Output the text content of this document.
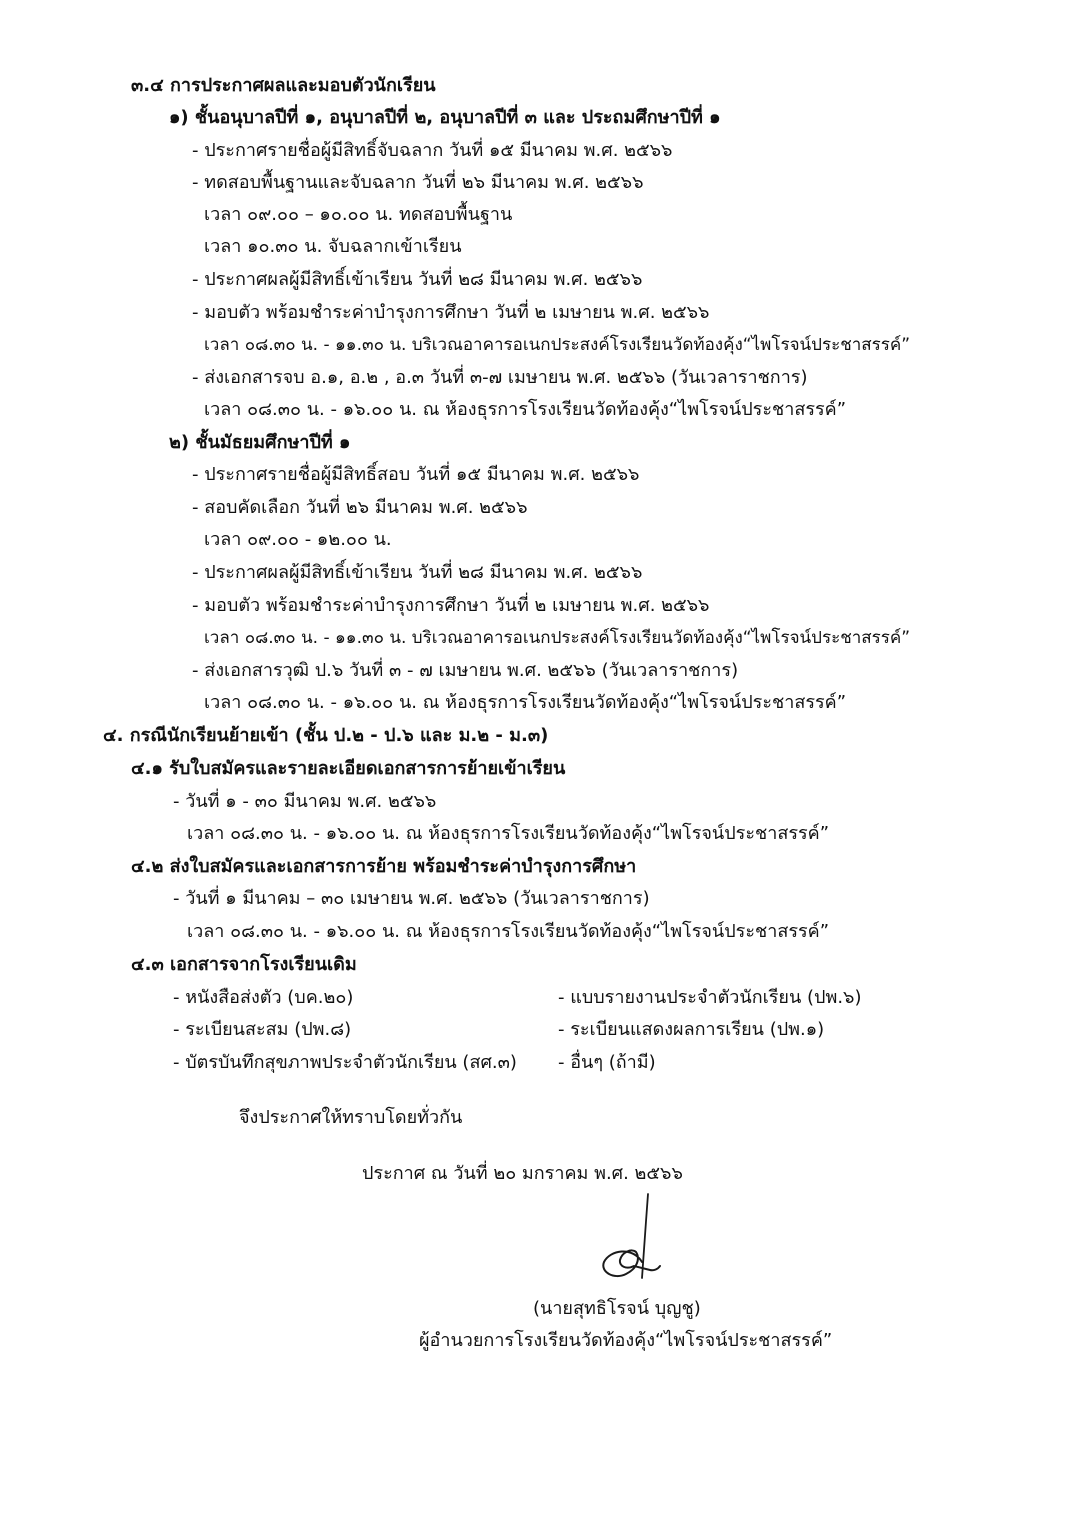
๓.๔ การประกาศผลและมอบตัวนักเรียน
๑) ชั้นอนุบาลปีที่ ๑, อนุบาลปีที่ ๒, อนุบาลปีที่ ๓ และ ประถมศึกษาปีที่ ๑
- ประกาศรายชื่อผู้มีสิทธิ์จับฉลาก วันที่ ๑๕ มีนาคม พ.ศ. ๒๕๖๖
- ทดสอบพื้นฐานและจับฉลาก วันที่ ๒๖ มีนาคม พ.ศ. ๒๕๖๖
เวลา ๐๙.๐๐ – ๑๐.๐๐ น. ทดสอบพื้นฐาน
เวลา ๑๐.๓๐ น. จับฉลากเข้าเรียน
- ประกาศผลผู้มีสิทธิ์เข้าเรียน วันที่ ๒๘ มีนาคม พ.ศ. ๒๕๖๖
- มอบตัว พร้อมชำระค่าบำรุงการศึกษา วันที่ ๒ เมษายน พ.ศ. ๒๕๖๖
เวลา ๐๘.๓๐ น. - ๑๑.๓๐ น. บริเวณอาคารอเนกประสงค์โรงเรียนวัดท้องคุ้ง“ไพโรจน์ประชาสรรค์”
- ส่งเอกสารจบ อ.๑, อ.๒ , อ.๓ วันที่ ๓-๗ เมษายน พ.ศ. ๒๕๖๖ (วันเวลาราชการ)
เวลา ๐๘.๓๐ น. - ๑๖.๐๐ น. ณ ห้องธุรการโรงเรียนวัดท้องคุ้ง“ไพโรจน์ประชาสรรค์”
๒) ชั้นมัธยมศึกษาปีที่ ๑
- ประกาศรายชื่อผู้มีสิทธิ์สอบ วันที่ ๑๕ มีนาคม พ.ศ. ๒๕๖๖
- สอบคัดเลือก วันที่ ๒๖ มีนาคม พ.ศ. ๒๕๖๖
เวลา ๐๙.๐๐ - ๑๒.๐๐ น.
- ประกาศผลผู้มีสิทธิ์เข้าเรียน วันที่ ๒๘ มีนาคม พ.ศ. ๒๕๖๖
- มอบตัว พร้อมชำระค่าบำรุงการศึกษา วันที่ ๒ เมษายน พ.ศ. ๒๕๖๖
เวลา ๐๘.๓๐ น. - ๑๑.๓๐ น. บริเวณอาคารอเนกประสงค์โรงเรียนวัดท้องคุ้ง“ไพโรจน์ประชาสรรค์”
- ส่งเอกสารวุฒิ ป.๖ วันที่ ๓ - ๗ เมษายน พ.ศ. ๒๕๖๖ (วันเวลาราชการ)
เวลา ๐๘.๓๐ น. - ๑๖.๐๐ น. ณ ห้องธุรการโรงเรียนวัดท้องคุ้ง“ไพโรจน์ประชาสรรค์”
๔. กรณีนักเรียนย้ายเข้า (ชั้น ป.๒ - ป.๖ และ ม.๒ - ม.๓)
๔.๑ รับใบสมัครและรายละเอียดเอกสารการย้ายเข้าเรียน
- วันที่ ๑ - ๓๐ มีนาคม พ.ศ. ๒๕๖๖
เวลา ๐๘.๓๐ น. - ๑๖.๐๐ น. ณ ห้องธุรการโรงเรียนวัดท้องคุ้ง“ไพโรจน์ประชาสรรค์”
๔.๒ ส่งใบสมัครและเอกสารการย้าย พร้อมชำระค่าบำรุงการศึกษา
- วันที่ ๑ มีนาคม – ๓๐ เมษายน พ.ศ. ๒๕๖๖ (วันเวลาราชการ)
เวลา ๐๘.๓๐ น. - ๑๖.๐๐ น. ณ ห้องธุรการโรงเรียนวัดท้องคุ้ง“ไพโรจน์ประชาสรรค์”
๔.๓ เอกสารจากโรงเรียนเดิม
- หนังสือส่งตัว (บค.๒๐)
- ระเบียนสะสม (ปพ.๘)
- บัตรบันทึกสุขภาพประจำตัวนักเรียน (สศ.๓)
- แบบรายงานประจำตัวนักเรียน (ปพ.๖)
- ระเบียนแสดงผลการเรียน (ปพ.๑)
- อื่นๆ (ถ้ามี)
จึงประกาศให้ทราบโดยทั่วกัน
ประกาศ ณ วันที่ ๒๐ มกราคม พ.ศ. ๒๕๖๖
(นายสุทธิโรจน์ บุญชู)
ผู้อำนวยการโรงเรียนวัดท้องคุ้ง“ไพโรจน์ประชาสรรค์”
